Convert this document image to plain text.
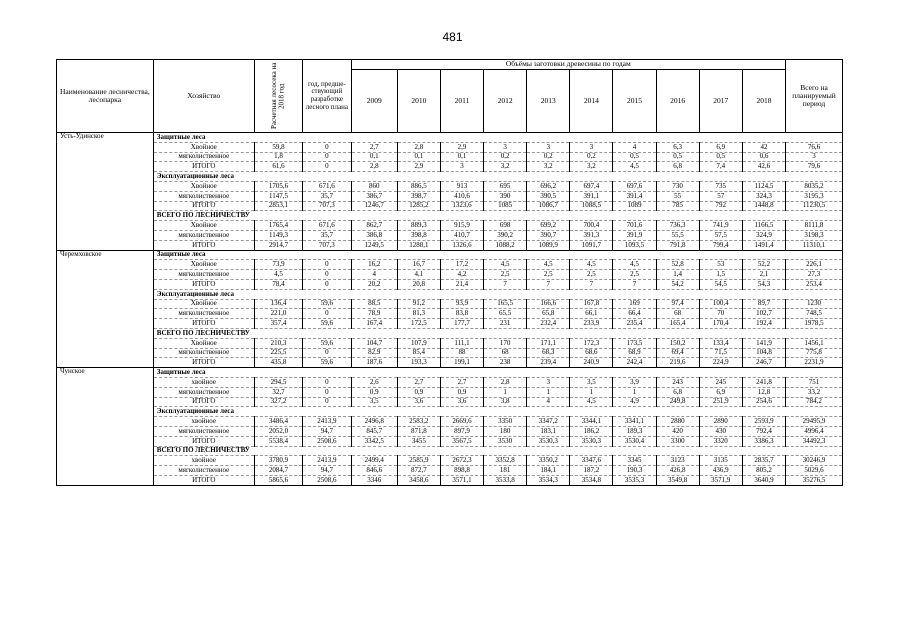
481
Наименование лесничества, лесопарка	Хозяйство	Расчетная лесосека на 2018 год	год, предше-ствующий разработке лесного плана	Объёмы заготовки древесины по годам										Всего на планируемый период
				2009	2010	2011	2012	2013	2014	2015	2016	2017	2018	
Усть-Удинское	Защитные леса													
	Хвойное	59,8	0	2,7	2,8	2,9	3	3	3	4	6,3	6,9	42	76,6
	мягколиственное	1,8	0	0,1	0,1	0,1	0,2	0,2	0,2	0,5	0,5	0,5	0,6	3
	ИТОГО	61,6	0	2,8	2,9	3	3,2	3,2	3,2	4,5	6,8	7,4	42,6	79,6
	Эксплуатационные леса													
	Хвойное	1705,6	671,6	860	886,5	913	695	696,2	697,4	697,6	730	735	1124,5	8035,2
	мягколиственное	1147,5	35,7	386,7	398,7	410,6	390	390,5	391,1	391,4	55	57	324,3	3195,3
	ИТОГО	2853,1	707,3	1246,7	1285,2	1323,6	1085	1086,7	1088,5	1089	785	792	1448,8	11230,5
	ВСЕГО ПО ЛЕСНИЧЕСТВУ													
	Хвойное	1765,4	671,6	862,7	889,3	915,9	698	699,2	700,4	701,6	736,3	741,9	1166,5	8111,8
	мягколиственное	1149,3	35,7	386,8	398,8	410,7	390,2	390,7	391,3	391,9	55,5	57,5	324,9	3198,3
	ИТОГО	2914,7	707,3	1249,5	1288,1	1326,6	1088,2	1089,9	1091,7	1093,5	791,8	799,4	1491,4	11310,1
Черемховское	Защитные леса													
	Хвойное	73,9	0	16,2	16,7	17,2	4,5	4,5	4,5	4,5	52,8	53	52,2	226,1
	мягколиственное	4,5	0	4	4,1	4,2	2,5	2,5	2,5	2,5	1,4	1,5	2,1	27,3
	ИТОГО	78,4	0	20,2	20,8	21,4	7	7	7	7	54,2	54,5	54,3	253,4
	Эксплуатационные леса													
	Хвойное	136,4	59,6	88,5	91,2	93,9	165,5	166,6	167,8	169	97,4	100,4	89,7	1230
	мягколиственное	221,0	0	78,9	81,3	83,8	65,5	65,8	66,1	66,4	68	70	102,7	748,5
	ИТОГО	357,4	59,6	167,4	172,5	177,7	231	232,4	233,9	235,4	165,4	170,4	192,4	1978,5
	ВСЕГО ПО ЛЕСНИЧЕСТВУ													
	Хвойное	210,3	59,6	104,7	107,9	111,1	170	171,1	172,3	173,5	150,2	133,4	141,9	1456,1
	мягколиственное	225,5	0	82,9	85,4	88	68	68,3	68,6	68,9	69,4	71,5	104,8	775,8
	ИТОГО	435,8	59,6	187,6	193,3	199,1	238	239,4	240,9	242,4	219,6	224,9	246,7	2231,9
Чунское	Защитные леса													
	хвойное	294,5	0	2,6	2,7	2,7	2,8	3	3,5	3,9	243	245	241,8	751
	мягколиственное	32,7	0	0,9	0,9	0,9	1	1	1	1	6,8	6,9	12,8	33,2
	ИТОГО	327,2	0	3,5	3,6	3,6	3,8	4	4,5	4,9	249,8	251,9	254,6	784,2
	Эксплуатационные леса													
	хвойное	3486,4	2413,9	2496,8	2583,2	2669,6	3350	3347,2	3344,1	3341,1	2880	2890	2593,9	29495,9
	мягколиственное	2052,0	94,7	845,7	871,8	897,9	180	183,1	186,2	189,3	420	430	792,4	4996,4
	ИТОГО	5538,4	2508,6	3342,5	3455	3567,5	3530	3530,3	3530,3	3530,4	3300	3320	3386,3	34492,3
	ВСЕГО ПО ЛЕСНИЧЕСТВУ													
	хвойное	3780,9	2413,9	2499,4	2585,9	2672,3	3352,8	3350,2	3347,6	3345	3123	3135	2835,7	30246,9
	мягколиственное	2084,7	94,7	846,6	872,7	898,8	181	184,1	187,2	190,3	426,8	436,9	805,2	5029,6
	ИТОГО	5865,6	2508,6	3346	3458,6	3571,1	3533,8	3534,3	3534,8	3535,3	3549,8	3571,9	3640,9	35276,5
